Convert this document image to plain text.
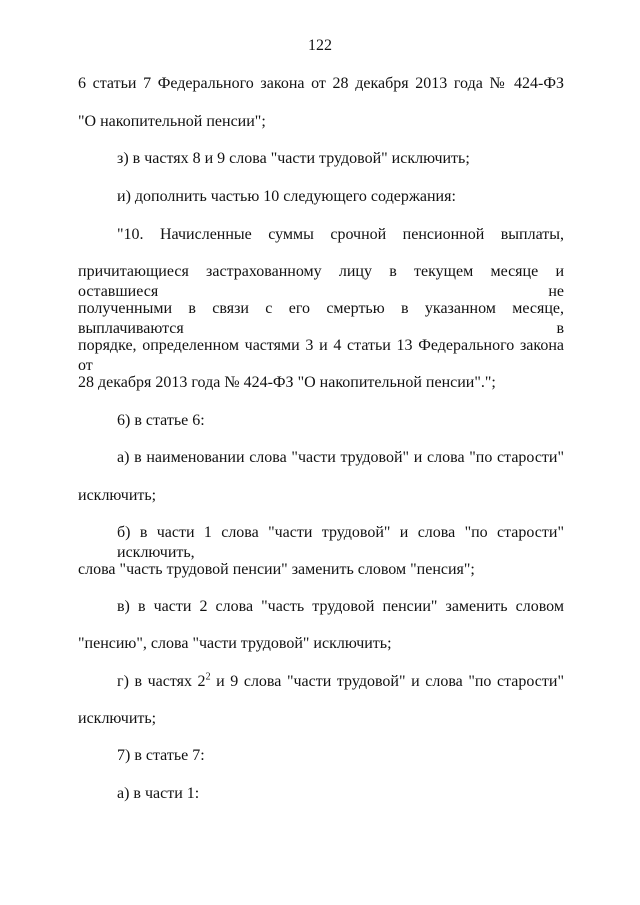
122
6 статьи 7 Федерального закона от 28 декабря 2013 года № 424-ФЗ
"О накопительной пенсии";
з) в частях 8 и 9 слова "части трудовой" исключить;
и) дополнить частью 10 следующего содержания:
"10. Начисленные суммы срочной пенсионной выплаты,
причитающиеся застрахованному лицу в текущем месяце и оставшиеся не
полученными в связи с его смертью в указанном месяце, выплачиваются в
порядке, определенном частями 3 и 4 статьи 13 Федерального закона от
28 декабря 2013 года № 424-ФЗ "О накопительной пенсии".";
6) в статье 6:
а) в наименовании слова "части трудовой" и слова "по старости"
исключить;
б) в части 1 слова "части трудовой" и слова "по старости" исключить,
слова "часть трудовой пенсии" заменить словом "пенсия";
в) в части 2 слова "часть трудовой пенсии" заменить словом
"пенсию", слова "части трудовой" исключить;
г) в частях $2^2$ и 9 слова "части трудовой" и слова "по старости"
исключить;
7) в статье 7:
а) в части 1:
